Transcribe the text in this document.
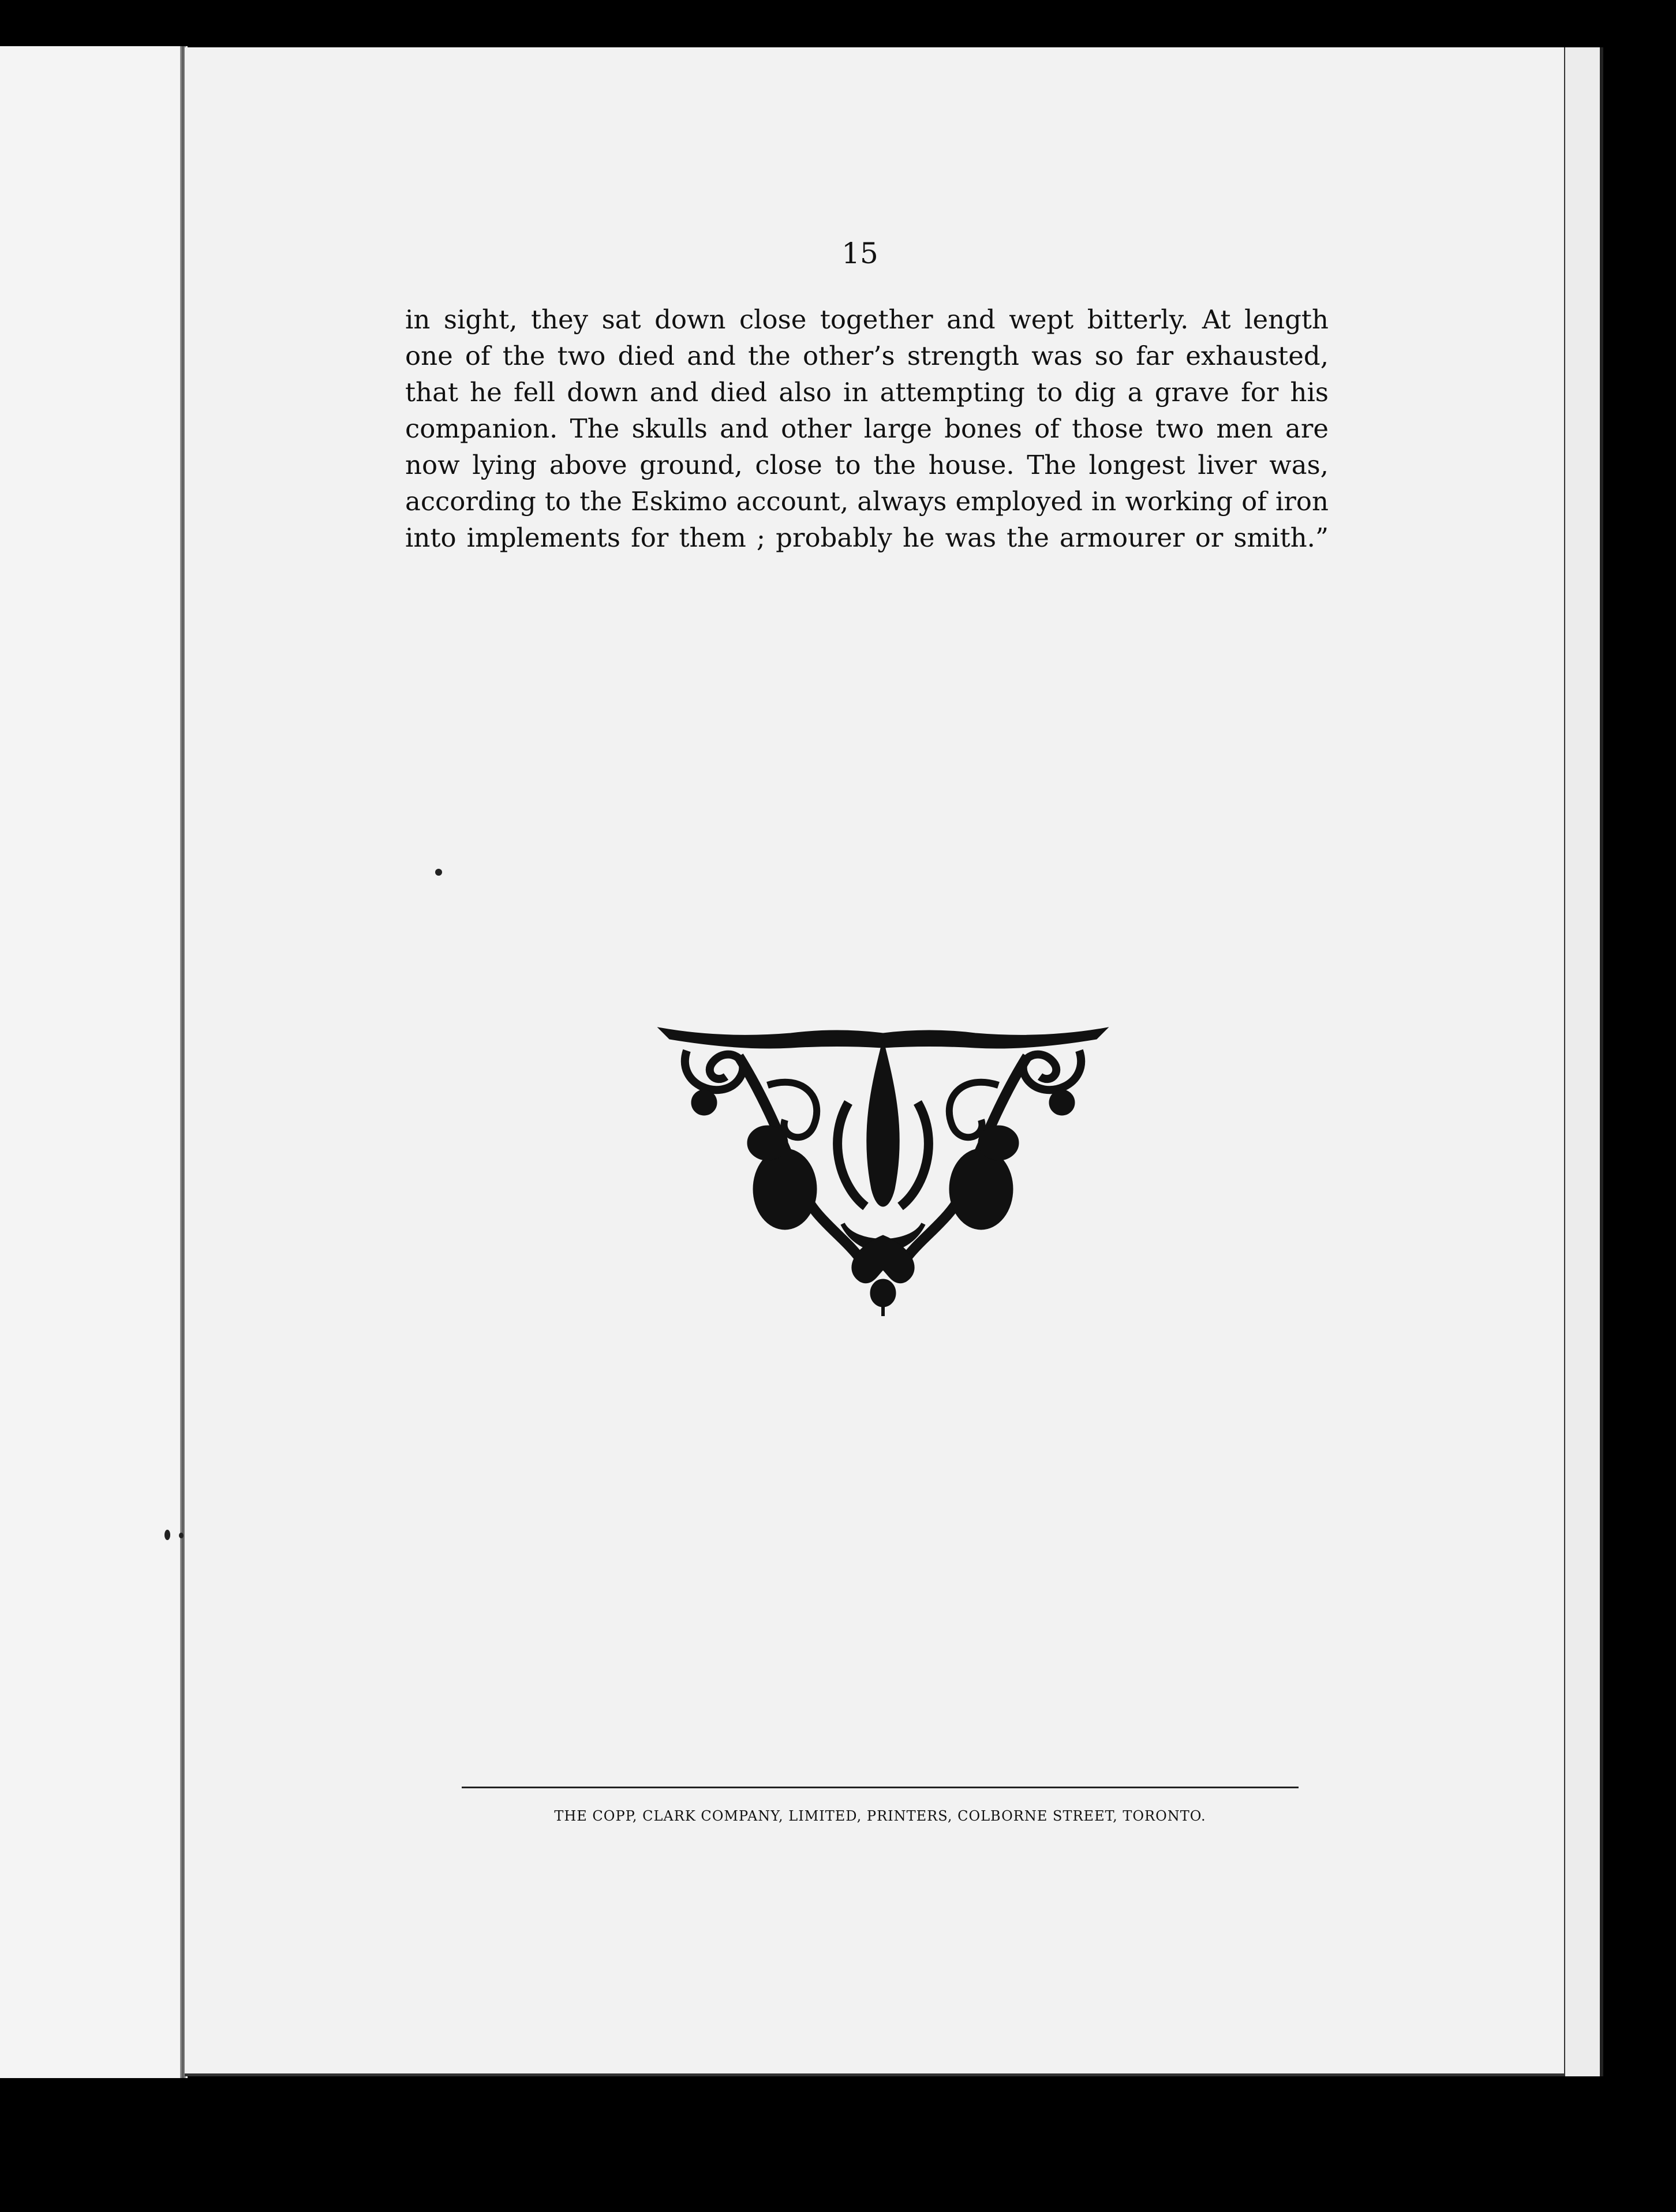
15
in sight, they sat down close together and wept bitterly. At length
one of the two died and the other’s strength was so far exhausted,
that he fell down and died also in attempting to dig a grave for his
companion. The skulls and other large bones of those two men are
now lying above ground, close to the house. The longest liver was,
according to the Eskimo account, always employed in working of iron
into implements for them ; probably he was the armourer or smith.”
THE COPP, CLARK COMPANY, LIMITED, PRINTERS, COLBORNE STREET, TORONTO.
